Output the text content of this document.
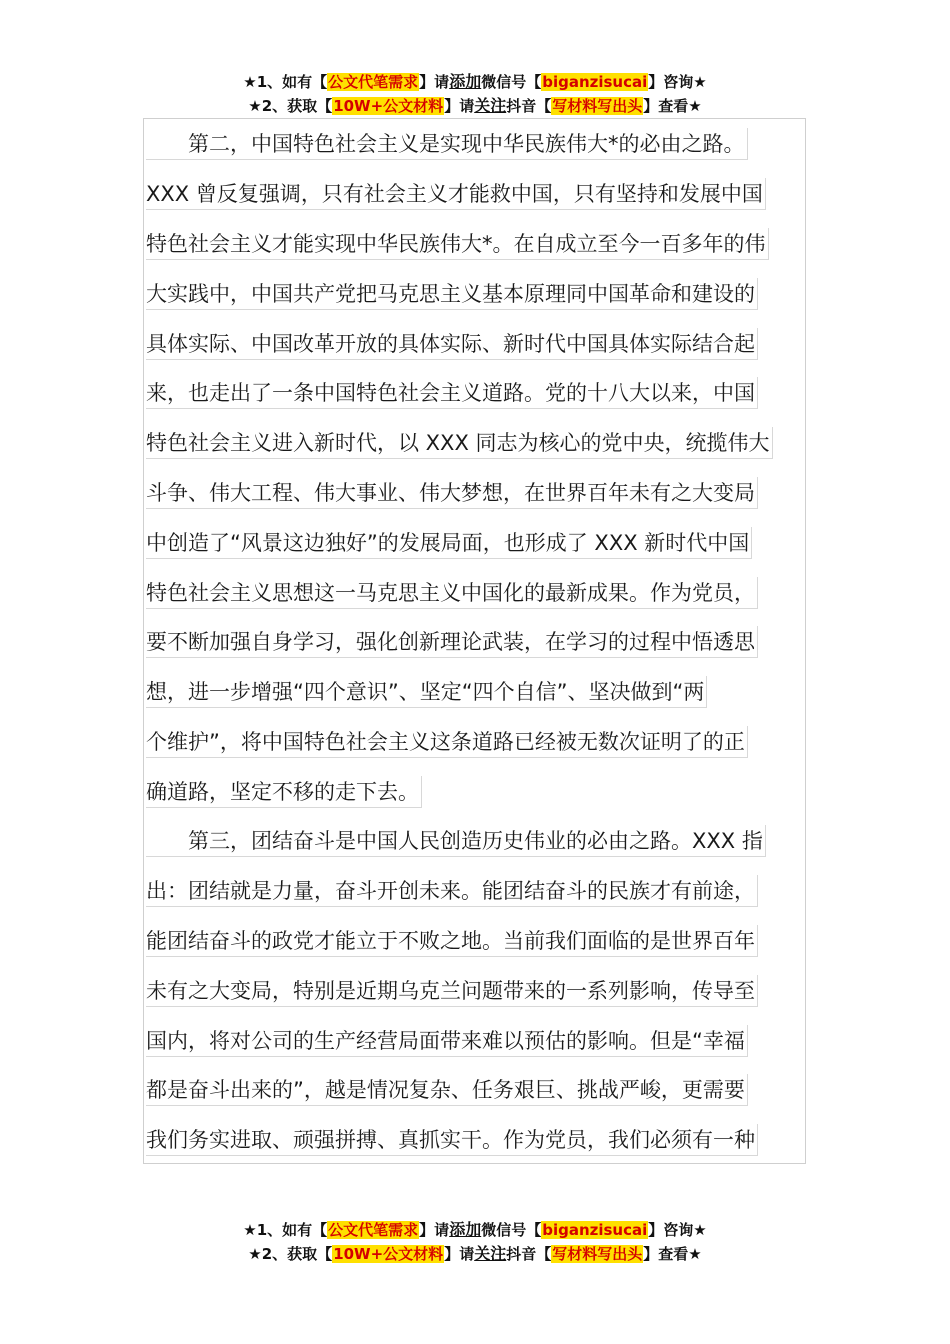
★1、如有【公文代笔需求】请添加微信号【biganzisucai】咨询★
★2、获取【10W+公文材料】请关注抖音【写材料写出头】查看★
　　第二，中国特色社会主义是实现中华民族伟大*的必由之路。
XXX 曾反复强调，只有社会主义才能救中国，只有坚持和发展中国
特色社会主义才能实现中华民族伟大*。在自成立至今一百多年的伟
大实践中，中国共产党把马克思主义基本原理同中国革命和建设的
具体实际、中国改革开放的具体实际、新时代中国具体实际结合起
来，也走出了一条中国特色社会主义道路。党的十八大以来，中国
特色社会主义进入新时代，以 XXX 同志为核心的党中央，统揽伟大
斗争、伟大工程、伟大事业、伟大梦想，在世界百年未有之大变局
中创造了“风景这边独好”的发展局面，也形成了 XXX 新时代中国
特色社会主义思想这一马克思主义中国化的最新成果。作为党员，
要不断加强自身学习，强化创新理论武装，在学习的过程中悟透思
想，进一步增强“四个意识”、坚定“四个自信”、坚决做到“两
个维护”，将中国特色社会主义这条道路已经被无数次证明了的正
确道路，坚定不移的走下去。
　　第三，团结奋斗是中国人民创造历史伟业的必由之路。XXX 指
出：团结就是力量，奋斗开创未来。能团结奋斗的民族才有前途，
能团结奋斗的政党才能立于不败之地。当前我们面临的是世界百年
未有之大变局，特别是近期乌克兰问题带来的一系列影响，传导至
国内，将对公司的生产经营局面带来难以预估的影响。但是“幸福
都是奋斗出来的”，越是情况复杂、任务艰巨、挑战严峻，更需要
我们务实进取、顽强拼搏、真抓实干。作为党员，我们必须有一种
★1、如有【公文代笔需求】请添加微信号【biganzisucai】咨询★
★2、获取【10W+公文材料】请关注抖音【写材料写出头】查看★
